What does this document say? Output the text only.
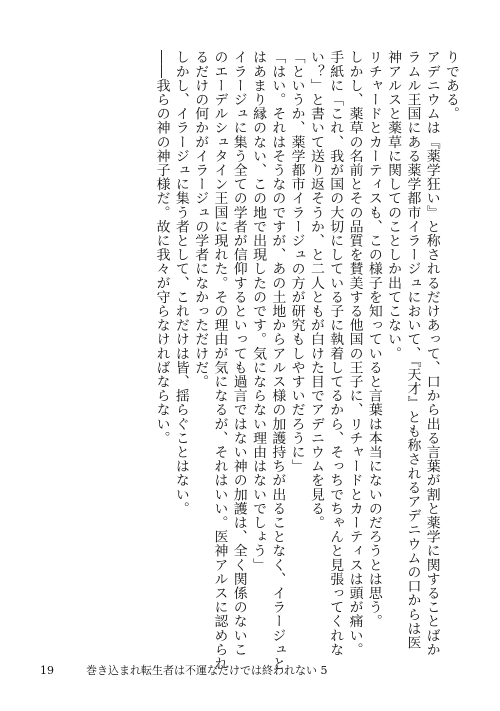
りである。

アデニウムは『薬学狂い』と称されるだけあって、口から出る言葉が割と薬学に関することばか

ラムル王国にある薬学都市イラージュにおいて、『天才』とも称されるアデニウムの口からは医

神アルスと薬草に関してのことしか出てこない。

リチャードとカーティスも、この様子を知っていると言葉は本当にないのだろうとは思う。

しかし、薬草の名前とその品質を賛美する他国の王子に、リチャードとカーティスは頭が痛い。

手紙に「これ、我が国の大切にしている子に執着してるから、そっちでちゃんと見張ってくれな

い？」と書いて送り返そうか、と二人ともが白けた目でアデニウムを見る。

「というか、薬学都市イラージュの方が研究もしやすいだろうに」

「はい。それはそうなのですが、あの土地からアルス様の加護持ちが出ることなく、イラージュと

はあまり縁のない、この地で出現したのです。気にならない理由はないでしょう」

イラージュに集う全ての学者が信仰するといっても過言ではない神の加護は、全く関係のないこ

のエーデルシュタイン王国に現れた。その理由が気になるが、それはいい。医神アルスに認められ

るだけの何かがイラージュの学者になかっただけだ。

しかし、イラージュに集う者として、これだけは皆、揺らぐことはない。

――我らの神の神子様だ。故に我々が守らなければならない。

19	巻き込まれ転生者は不運なだけでは終われない 5
